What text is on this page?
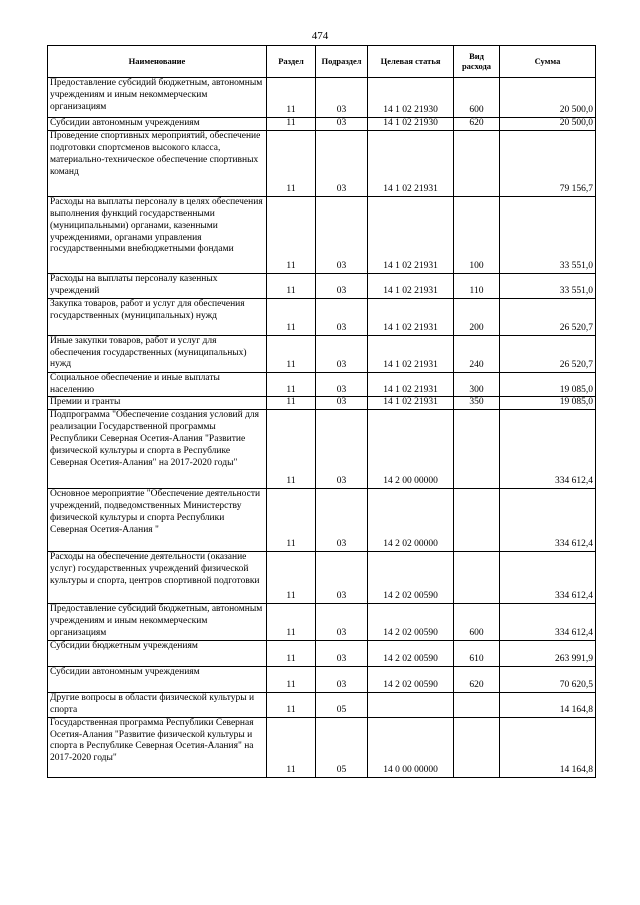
474
Наименование	Раздел	Подраздел	Целевая статья	Вид расхода	Сумма
Предоставление субсидий бюджетным, автономным учреждениям и иным некоммерческим организациям	11	03	14 1 02 21930	600	20 500,0
Субсидии автономным учреждениям	11	03	14 1 02 21930	620	20 500,0
Проведение спортивных мероприятий, обеспечение подготовки спортсменов высокого класса, материально-техническое обеспечение спортивных команд	11	03	14 1 02 21931		79 156,7
Расходы на выплаты персоналу в целях обеспечения выполнения функций государственными (муниципальными) органами, казенными учреждениями, органами управления государственными внебюджетными фондами	11	03	14 1 02 21931	100	33 551,0
Расходы на выплаты персоналу казенных учреждений	11	03	14 1 02 21931	110	33 551,0
Закупка товаров, работ и услуг для обеспечения государственных (муниципальных) нужд	11	03	14 1 02 21931	200	26 520,7
Иные закупки товаров, работ и услуг для обеспечения государственных (муниципальных) нужд	11	03	14 1 02 21931	240	26 520,7
Социальное обеспечение и иные выплаты населению	11	03	14 1 02 21931	300	19 085,0
Премии и гранты	11	03	14 1 02 21931	350	19 085,0
Подпрограмма "Обеспечение создания условий для реализации Государственной программы Республики Северная Осетия-Алания "Развитие физической культуры и спорта в Республике Северная Осетия-Алания" на 2017-2020 годы"	11	03	14 2 00 00000		334 612,4
Основное мероприятие "Обеспечение деятельности учреждений, подведомственных Министерству физической культуры и спорта Республики Северная Осетия-Алания "	11	03	14 2 02 00000		334 612,4
Расходы на обеспечение деятельности (оказание услуг) государственных учреждений физической культуры и спорта, центров спортивной подготовки	11	03	14 2 02 00590		334 612,4
Предоставление субсидий бюджетным, автономным учреждениям и иным некоммерческим организациям	11	03	14 2 02 00590	600	334 612,4
Субсидии бюджетным учреждениям	11	03	14 2 02 00590	610	263 991,9
Субсидии автономным учреждениям	11	03	14 2 02 00590	620	70 620,5
Другие вопросы в области физической культуры и спорта	11	05			14 164,8
Государственная программа Республики Северная Осетия-Алания "Развитие физической культуры и спорта в Республике Северная Осетия-Алания" на 2017-2020 годы"	11	05	14 0 00 00000		14 164,8
